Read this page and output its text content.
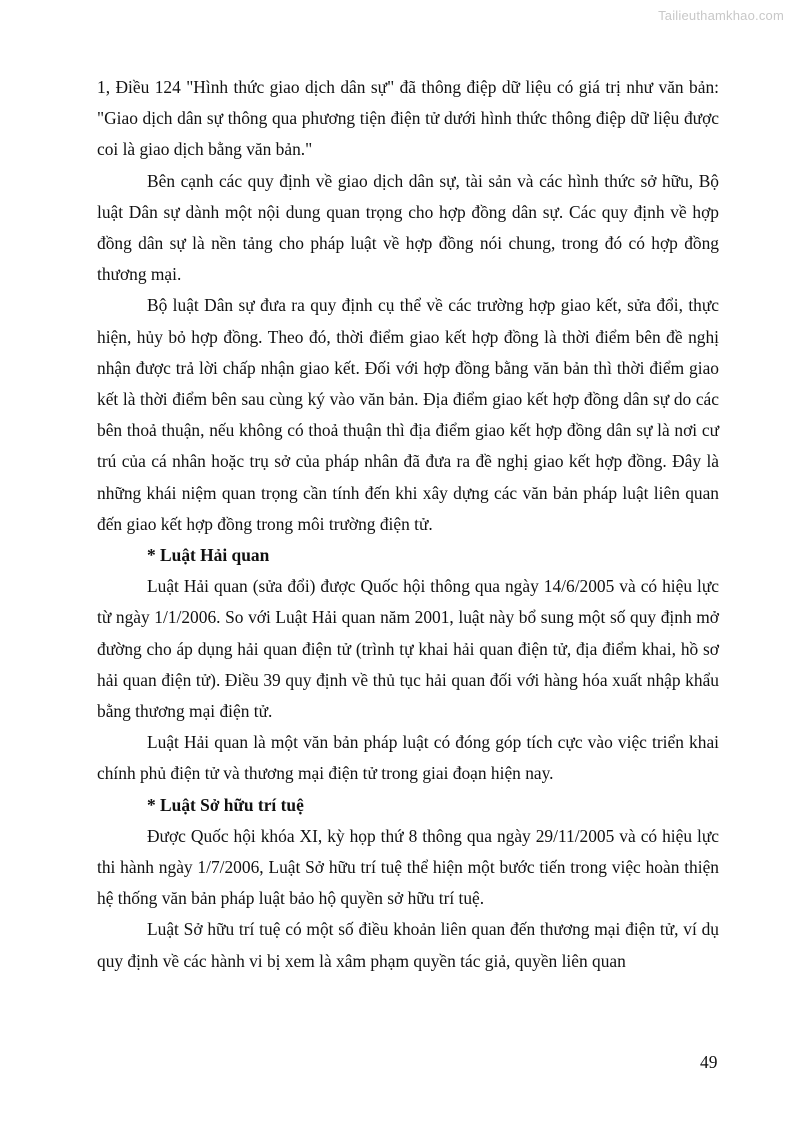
Tailieuthamkhao.com

1, Điều 124 "Hình thức giao dịch dân sự" đã thông điệp dữ liệu có giá trị như văn bản: "Giao dịch dân sự thông qua phương tiện điện tử dưới hình thức thông điệp dữ liệu được coi là giao dịch bằng văn bản."

Bên cạnh các quy định về giao dịch dân sự, tài sản và các hình thức sở hữu, Bộ luật Dân sự dành một nội dung quan trọng cho hợp đồng dân sự. Các quy định về hợp đồng dân sự là nền tảng cho pháp luật về hợp đồng nói chung, trong đó có hợp đồng thương mại.

Bộ luật Dân sự đưa ra quy định cụ thể về các trường hợp giao kết, sửa đổi, thực hiện, hủy bỏ hợp đồng. Theo đó, thời điểm giao kết hợp đồng là thời điểm bên đề nghị nhận được trả lời chấp nhận giao kết. Đối với hợp đồng bằng văn bản thì thời điểm giao kết là thời điểm bên sau cùng ký vào văn bản. Địa điểm giao kết hợp đồng dân sự do các bên thoả thuận, nếu không có thoả thuận thì địa điểm giao kết hợp đồng dân sự là nơi cư trú của cá nhân hoặc trụ sở của pháp nhân đã đưa ra đề nghị giao kết hợp đồng. Đây là những khái niệm quan trọng cần tính đến khi xây dựng các văn bản pháp luật liên quan đến giao kết hợp đồng trong môi trường điện tử.

* Luật Hải quan

Luật Hải quan (sửa đổi) được Quốc hội thông qua ngày 14/6/2005 và có hiệu lực từ ngày 1/1/2006. So với Luật Hải quan năm 2001, luật này bổ sung một số quy định mở đường cho áp dụng hải quan điện tử (trình tự khai hải quan điện tử, địa điểm khai, hồ sơ hải quan điện tử). Điều 39 quy định về thủ tục hải quan đối với hàng hóa xuất nhập khẩu bằng thương mại điện tử.

Luật Hải quan là một văn bản pháp luật có đóng góp tích cực vào việc triển khai chính phủ điện tử và thương mại điện tử trong giai đoạn hiện nay.

* Luật Sở hữu trí tuệ

Được Quốc hội khóa XI, kỳ họp thứ 8 thông qua ngày 29/11/2005 và có hiệu lực thi hành ngày 1/7/2006, Luật Sở hữu trí tuệ thể hiện một bước tiến trong việc hoàn thiện hệ thống văn bản pháp luật bảo hộ quyền sở hữu trí tuệ.

Luật Sở hữu trí tuệ có một số điều khoản liên quan đến thương mại điện tử, ví dụ quy định về các hành vi bị xem là xâm phạm quyền tác giả, quyền liên quan

49
